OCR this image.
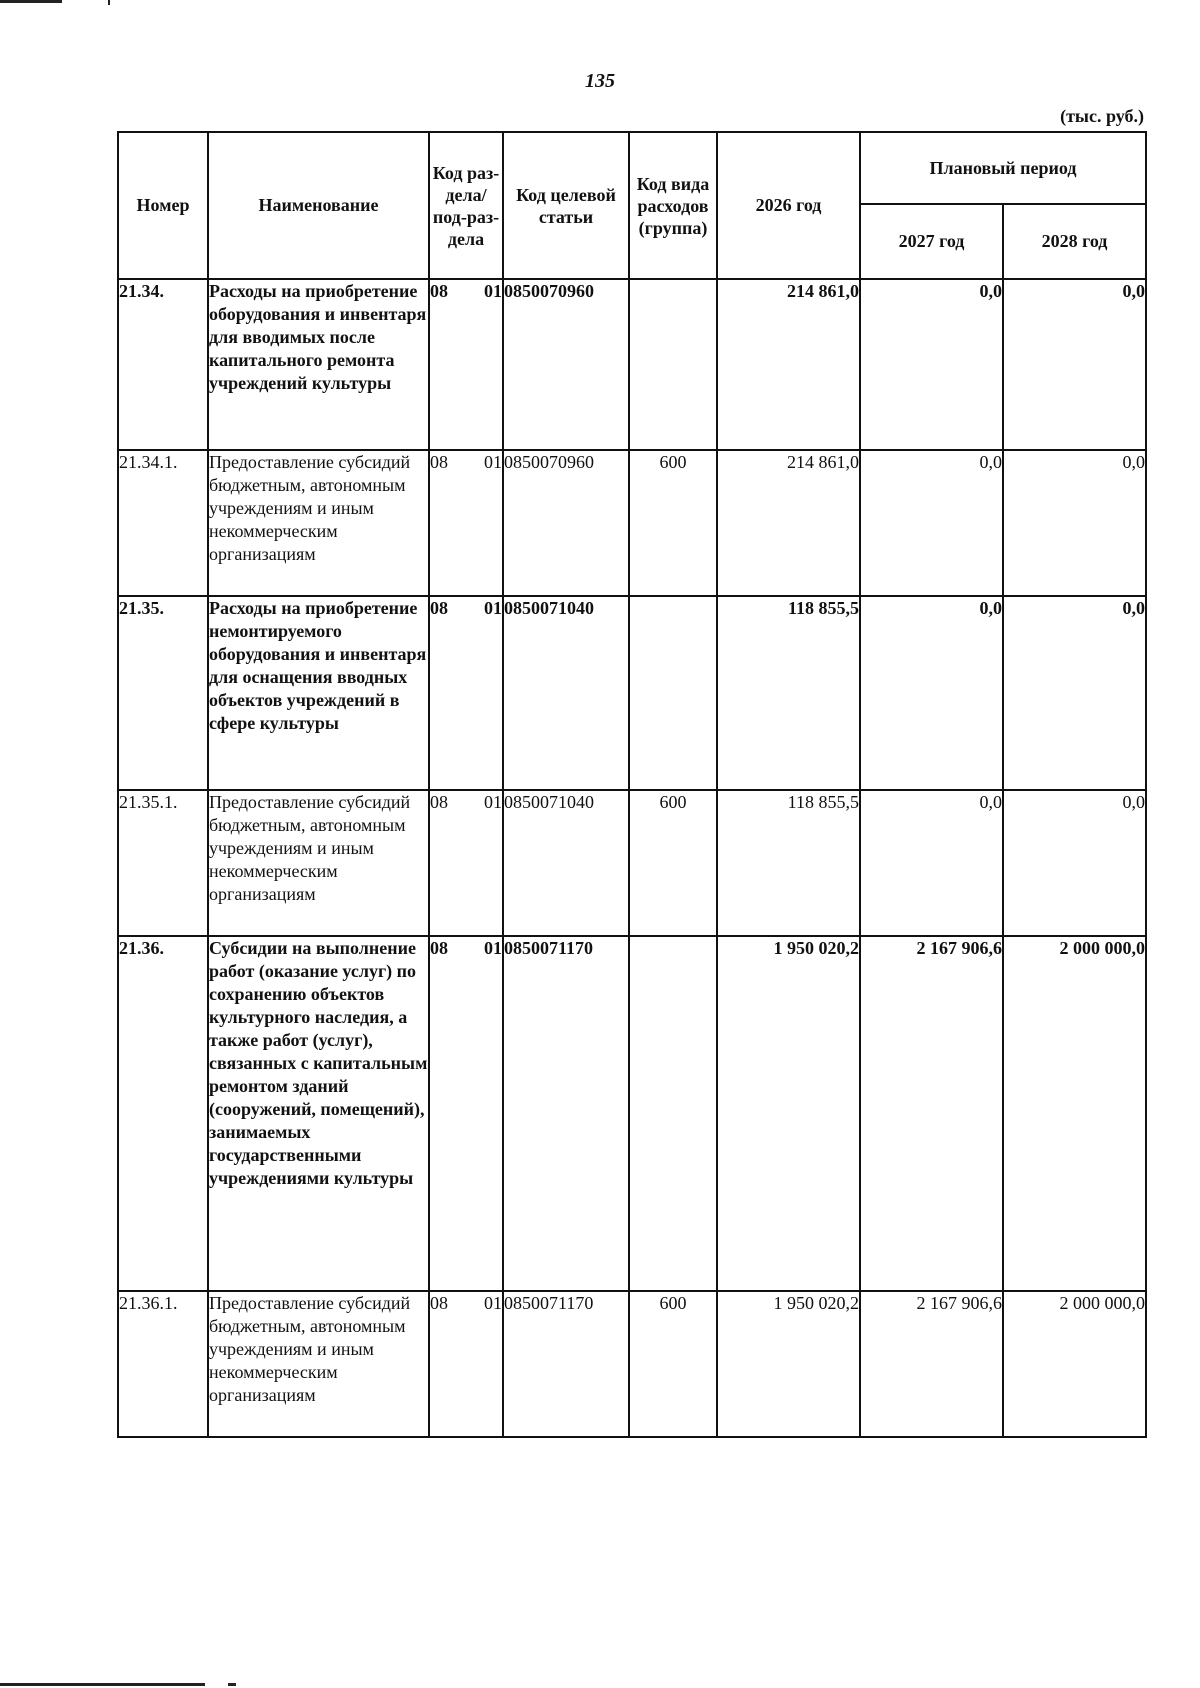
135
(тыс. руб.)
Номер	Наименование	Код раз-дела/ под-раз-дела	Код целевой статьи	Код вида расходов (группа)	2026 год	Плановый период	
						2027 год	2028 год
21.34.	Расходы на приобретение оборудования и инвентаря для вводимых после капитального ремонта учреждений культуры	08 01	0850070960		214 861,0	0,0	0,0
21.34.1.	Предоставление субсидий бюджетным, автономным учреждениям и иным некоммерческим организациям	08 01	0850070960	600	214 861,0	0,0	0,0
21.35.	Расходы на приобретение немонтируемого оборудования и инвентаря для оснащения вводных объектов учреждений в сфере культуры	08 01	0850071040		118 855,5	0,0	0,0
21.35.1.	Предоставление субсидий бюджетным, автономным учреждениям и иным некоммерческим организациям	08 01	0850071040	600	118 855,5	0,0	0,0
21.36.	Субсидии на выполнение работ (оказание услуг) по сохранению объектов культурного наследия, а также работ (услуг), связанных с капитальным ремонтом зданий (сооружений, помещений), занимаемых государственными учреждениями культуры	08 01	0850071170		1 950 020,2	2 167 906,6	2 000 000,0
21.36.1.	Предоставление субсидий бюджетным, автономным учреждениям и иным некоммерческим организациям	08 01	0850071170	600	1 950 020,2	2 167 906,6	2 000 000,0
